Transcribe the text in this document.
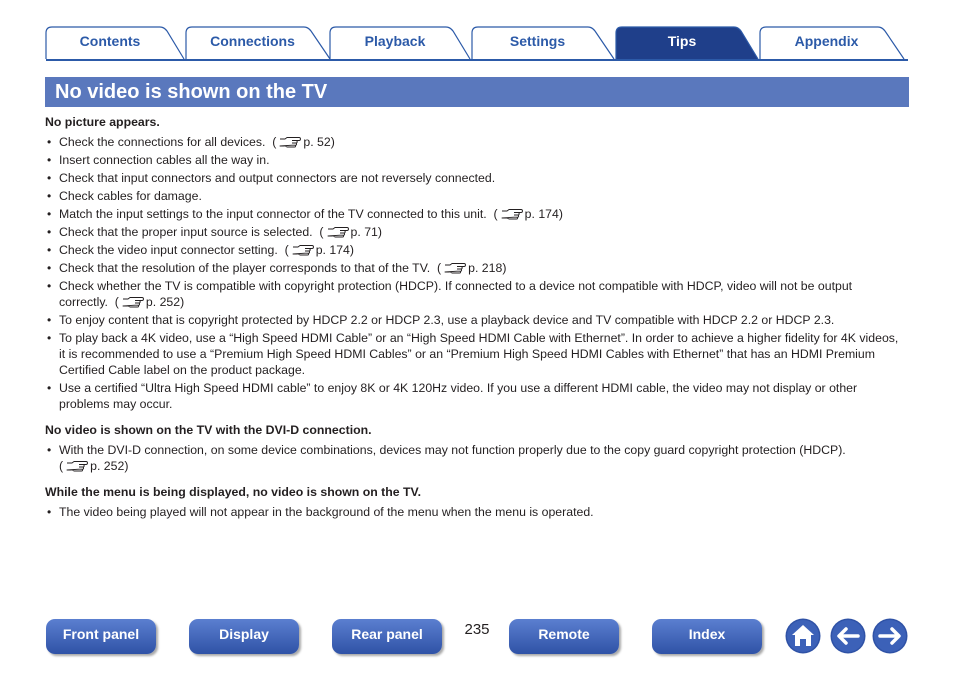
Contents	Connections	Playback	Settings	Tips	Appendix
No video is shown on the TV
No picture appears.
• Check the connections for all devices.  ( p. 52)
• Insert connection cables all the way in.
• Check that input connectors and output connectors are not reversely connected.
• Check cables for damage.
• Match the input settings to the input connector of the TV connected to this unit.  ( p. 174)
• Check that the proper input source is selected.  ( p. 71)
• Check the video input connector setting.  ( p. 174)
• Check that the resolution of the player corresponds to that of the TV.  ( p. 218)
• Check whether the TV is compatible with copyright protection (HDCP). If connected to a device not compatible with HDCP, video will not be output correctly.  ( p. 252)
• To enjoy content that is copyright protected by HDCP 2.2 or HDCP 2.3, use a playback device and TV compatible with HDCP 2.2 or HDCP 2.3.
• To play back a 4K video, use a “High Speed HDMI Cable” or an “High Speed HDMI Cable with Ethernet”. In order to achieve a higher fidelity for 4K videos, it is recommended to use a “Premium High Speed HDMI Cables” or an “Premium High Speed HDMI Cables with Ethernet” that has an HDMI Premium Certified Cable label on the product package.
• Use a certified “Ultra High Speed HDMI cable” to enjoy 8K or 4K 120Hz video. If you use a different HDMI cable, the video may not display or other problems may occur.
No video is shown on the TV with the DVI-D connection.
• With the DVI-D connection, on some device combinations, devices may not function properly due to the copy guard copyright protection (HDCP).
( p. 252)
While the menu is being displayed, no video is shown on the TV.
• The video being played will not appear in the background of the menu when the menu is operated.
Front panel	Display	Rear panel	235	Remote	Index
